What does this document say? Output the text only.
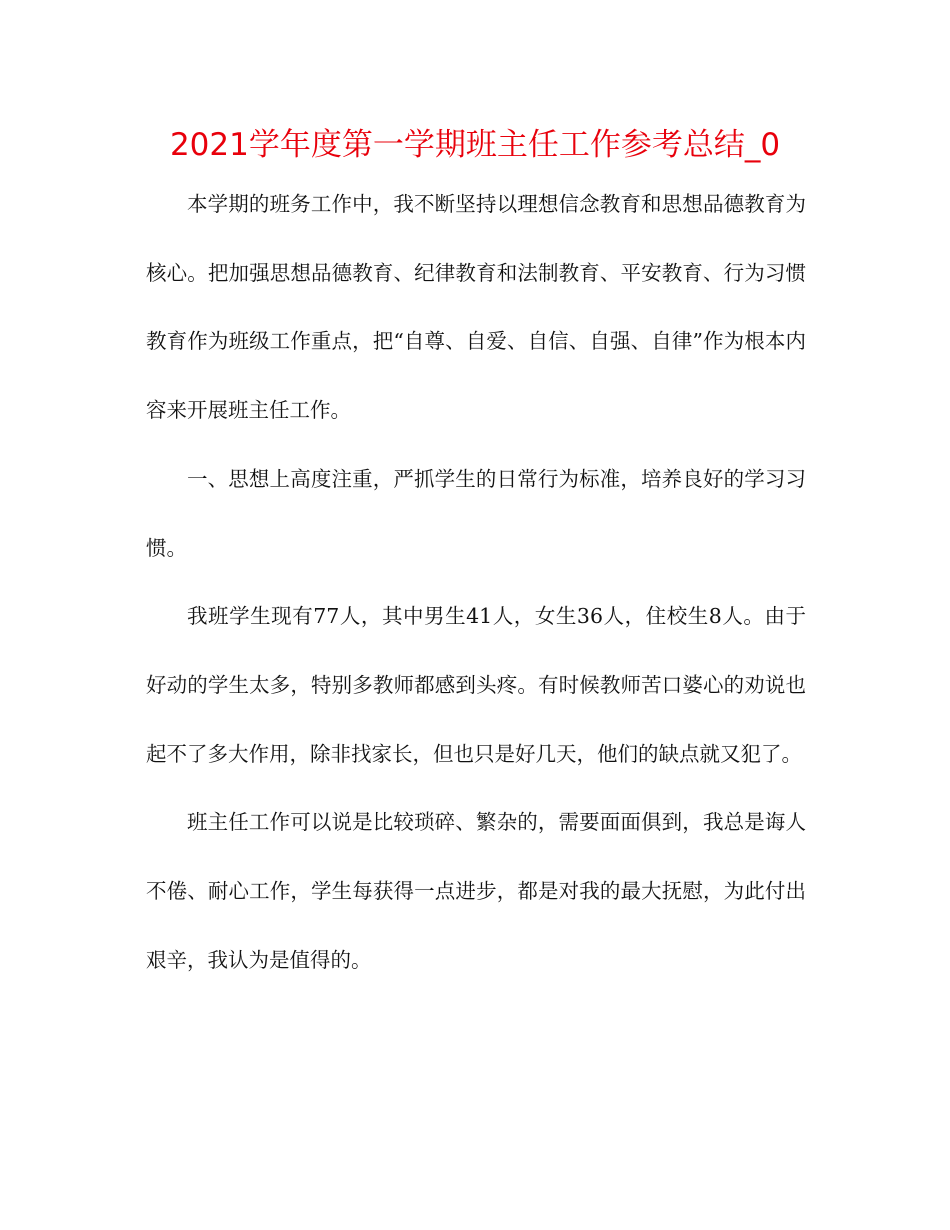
2021学年度第一学期班主任工作参考总结_0

本学期的班务工作中，我不断坚持以理想信念教育和思想品德教育为核心。把加强思想品德教育、纪律教育和法制教育、平安教育、行为习惯教育作为班级工作重点，把“自尊、自爱、自信、自强、自律”作为根本内容来开展班主任工作。

一、思想上高度注重，严抓学生的日常行为标准，培养良好的学习习惯。

我班学生现有77人，其中男生41人，女生36人，住校生8人。由于好动的学生太多，特别多教师都感到头疼。有时候教师苦口婆心的劝说也起不了多大作用，除非找家长，但也只是好几天，他们的缺点就又犯了。

班主任工作可以说是比较琐碎、繁杂的，需要面面俱到，我总是诲人不倦、耐心工作，学生每获得一点进步，都是对我的最大抚慰，为此付出艰辛，我认为是值得的。
